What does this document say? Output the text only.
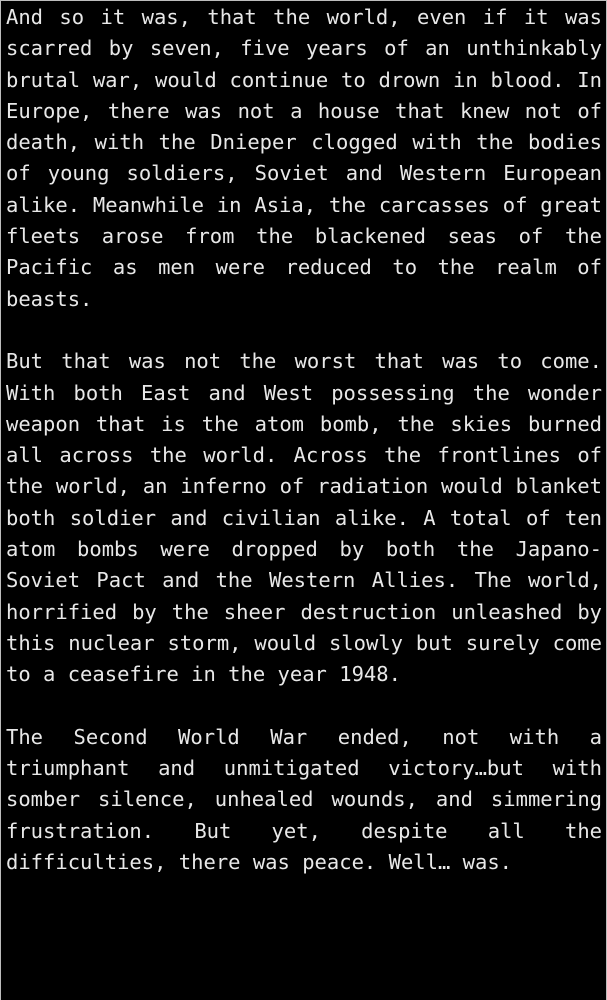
And so it was, that the world, even if it was scarred by seven, five years of an unthinkably brutal war, would continue to drown in blood. In Europe, there was not a house that knew not of death, with the Dnieper clogged with the bodies of young soldiers, Soviet and Western European alike. Meanwhile in Asia, the carcasses of great fleets arose from the blackened seas of the Pacific as men were reduced to the realm of beasts.

But that was not the worst that was to come. With both East and West possessing the wonder weapon that is the atom bomb, the skies burned all across the world. Across the frontlines of the world, an inferno of radiation would blanket both soldier and civilian alike. A total of ten atom bombs were dropped by both the Japano-Soviet Pact and the Western Allies. The world, horrified by the sheer destruction unleashed by this nuclear storm, would slowly but surely come to a ceasefire in the year 1948.

The Second World War ended, not with a triumphant and unmitigated victory…but with somber silence, unhealed wounds, and simmering frustration. But yet, despite all the difficulties, there was peace. Well… was.
